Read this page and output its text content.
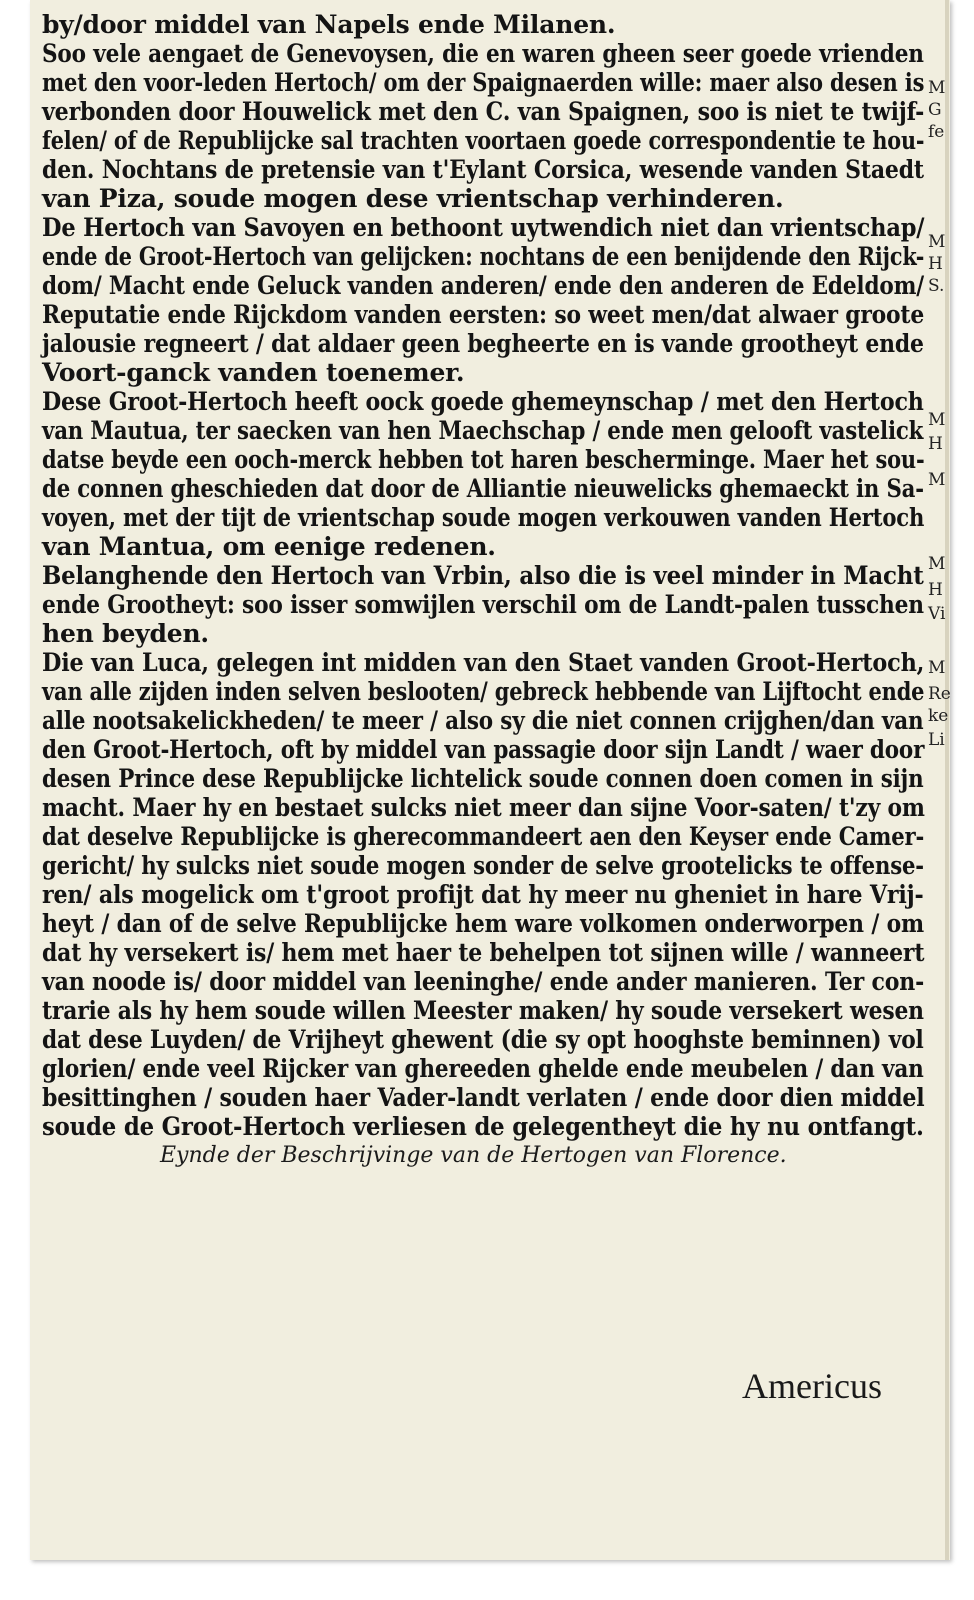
by/door middel van Napels ende Milanen.
Soo vele aengaet de Genevoysen, die en waren gheen seer goede vrienden
met den voor-leden Hertoch/ om der Spaignaerden wille: maer also desen is
verbonden door Houwelick met den C. van Spaignen, soo is niet te twijf-
felen/ of de Republijcke sal trachten voortaen goede correspondentie te hou-
den. Nochtans de pretensie van t'Eylant Corsica, wesende vanden Staedt
van Piza, soude mogen dese vrientschap verhinderen.
De Hertoch van Savoyen en bethoont uytwendich niet dan vrientschap/
ende de Groot-Hertoch van gelijcken: nochtans de een benijdende den Rijck-
dom/ Macht ende Geluck vanden anderen/ ende den anderen de Edeldom/
Reputatie ende Rijckdom vanden eersten: so weet men/dat alwaer groote
jalousie regneert / dat aldaer geen begheerte en is vande grootheyt ende
Voort-ganck vanden toenemer.
Dese Groot-Hertoch heeft oock goede ghemeynschap / met den Hertoch
van Mautua, ter saecken van hen Maechschap / ende men gelooft vastelick
datse beyde een ooch-merck hebben tot haren bescherminge. Maer het sou-
de connen gheschieden dat door de Alliantie nieuwelicks ghemaeckt in Sa-
voyen, met der tijt de vrientschap soude mogen verkouwen vanden Hertoch
van Mantua, om eenige redenen.
Belanghende den Hertoch van Vrbin, also die is veel minder in Macht
ende Grootheyt: soo isser somwijlen verschil om de Landt-palen tusschen
hen beyden.
Die van Luca, gelegen int midden van den Staet vanden Groot-Hertoch,
van alle zijden inden selven beslooten/ gebreck hebbende van Lijftocht ende
alle nootsakelickheden/ te meer / also sy die niet connen crijghen/dan van
den Groot-Hertoch, oft by middel van passagie door sijn Landt / waer door
desen Prince dese Republijcke lichtelick soude connen doen comen in sijn
macht. Maer hy en bestaet sulcks niet meer dan sijne Voor-saten/ t'zy om
dat deselve Republijcke is gherecommandeert aen den Keyser ende Camer-
gericht/ hy sulcks niet soude mogen sonder de selve grootelicks te offense-
ren/ als mogelick om t'groot profijt dat hy meer nu gheniet in hare Vrij-
heyt / dan of de selve Republijcke hem ware volkomen onderworpen / om
dat hy versekert is/ hem met haer te behelpen tot sijnen wille / wanneert
van noode is/ door middel van leeninghe/ ende ander manieren. Ter con-
trarie als hy hem soude willen Meester maken/ hy soude versekert wesen
dat dese Luyden/ de Vrijheyt ghewent (die sy opt hooghste beminnen) vol
glorien/ ende veel Rijcker van ghereeden ghelde ende meubelen / dan van
besittinghen / souden haer Vader-landt verlaten / ende door dien middel
soude de Groot-Hertoch verliesen de gelegentheyt die hy nu ontfangt.
M
G
fe
M
H
S.
M
H
M
M
H
Vi
M
Re
ke
Li
Eynde der Beschrijvinge van de Hertogen van Florence.
Americus
